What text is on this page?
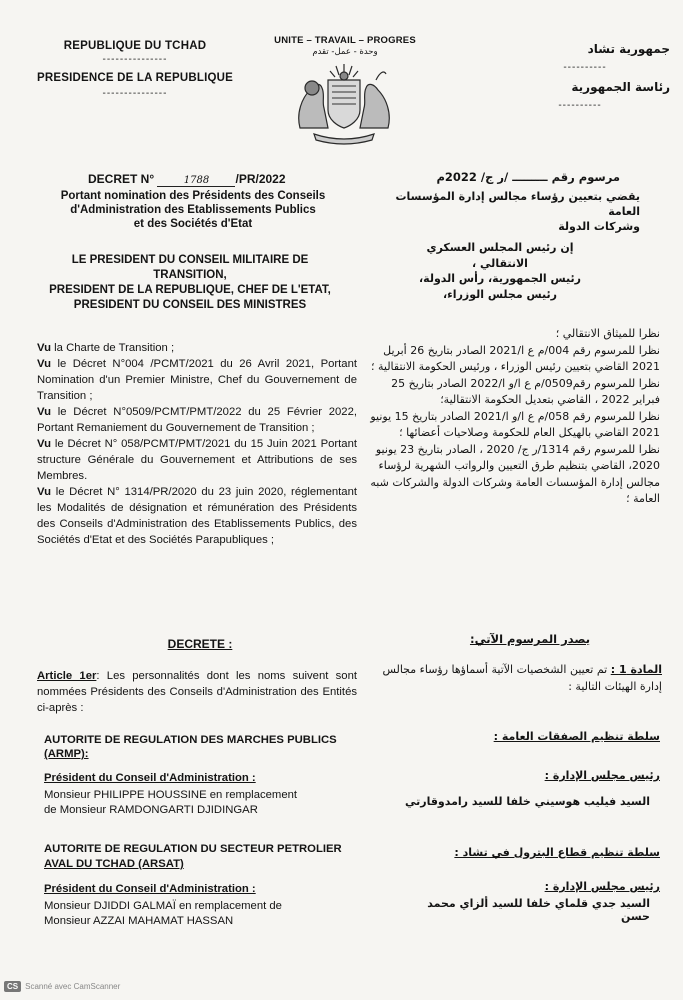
REPUBLIQUE DU TCHAD
---------------
PRESIDENCE DE LA REPUBLIQUE
---------------
UNITE – TRAVAIL – PROGRES
وحدة - عمل- تقدم	جمهورية تشاد
----------
رئاسة الجمهورية
----------
DECRET N°	1788 /PR/2022
Portant nomination des Présidents des Conseils
d'Administration des Etablissements Publics
et des Sociétés d'Etat
مرسوم رقم ـــــــــ /ر ج/ 2022م
يقضي بتعيين رؤساء مجالس إدارة المؤسسات العامة
وشركات الدولة
LE PRESIDENT DU CONSEIL MILITAIRE DE
TRANSITION,
PRESIDENT DE LA REPUBLIQUE, CHEF DE L'ETAT,
PRESIDENT DU CONSEIL DES MINISTRES
إن رئيس المجلس العسكري
الانتقالي ،
رئيس الجمهورية، رأس الدولة،
رئيس مجلس الوزراء،
Vu la Charte de Transition ;
Vu le Décret N°004 /PCMT/2021 du 26 Avril 2021, Portant Nomination d'un Premier Ministre, Chef du Gouvernement de Transition ;
Vu le Décret N°0509/PCMT/PMT/2022 du 25 Février 2022, Portant Remaniement du Gouvernement de Transition ;
Vu le Décret N° 058/PCMT/PMT/2021 du 15 Juin 2021 Portant structure Générale du Gouvernement et Attributions de ses Membres.
Vu le Décret N° 1314/PR/2020 du 23 juin 2020, réglementant les Modalités de désignation et rémunération des Présidents des Conseils d'Administration des Etablissements Publics, des Sociétés d'Etat et des Sociétés Parapubliques ;
نظرا للميثاق الانتقالي ؛
نظرا للمرسوم رقم 004/م ع ا/2021 الصادر بتاريخ 26 أبريل 2021 القاضي بتعيين رئيس الوزراء ، ورئيس الحكومة الانتقالية ؛
نظرا للمرسوم رقم0509/م ع ا/و ا/2022 الصادر بتاريخ 25 فبراير 2022 ، القاضي بتعديل الحكومة الانتقالية؛
نظرا للمرسوم رقم 058/م ع ا/و ا/2021 الصادر بتاريخ 15 يونيو 2021 القاضي بالهيكل العام للحكومة وصلاحيات أعضائها ؛
نظرا للمرسوم رقم 1314/ر ج/ 2020 ، الصادر بتاريخ 23 يونيو 2020، القاضي بتنظيم طرق التعيين والرواتب الشهرية لرؤساء مجالس إدارة المؤسسات العامة وشركات الدولة والشركات شبه العامة ؛
DECRETE :	يصدر المرسوم الآتي:
Article 1er: Les personnalités dont les noms suivent sont nommées Présidents des Conseils d'Administration des Entités ci-après :
المادة 1 : تم تعيين الشخصيات الآتية أسماؤها رؤساء مجالس إدارة الهيئات التالية :
AUTORITE DE REGULATION DES MARCHES PUBLICS
(ARMP):
سلطة تنظيم الصفقات العامة :
Président du Conseil d'Administration :	رئيس مجلس الإدارة :
Monsieur PHILIPPE HOUSSINE en remplacement
de Monsieur RAMDONGARTI DJIDINGAR
السيد فيليب هوسيني خلفا للسيد رامدوقارتي
AUTORITE DE REGULATION DU SECTEUR PETROLIER
AVAL DU TCHAD (ARSAT)
سلطة تنظيم قطاع البترول في تشاد :
Président du Conseil d'Administration :	رئيس مجلس الإدارة :
Monsieur DJIDDI GALMAÏ en remplacement de
Monsieur AZZAI MAHAMAT HASSAN
السيد جدي قلماي خلفا للسيد ألزاي محمد حسن
CS Scanné avec CamScanner
